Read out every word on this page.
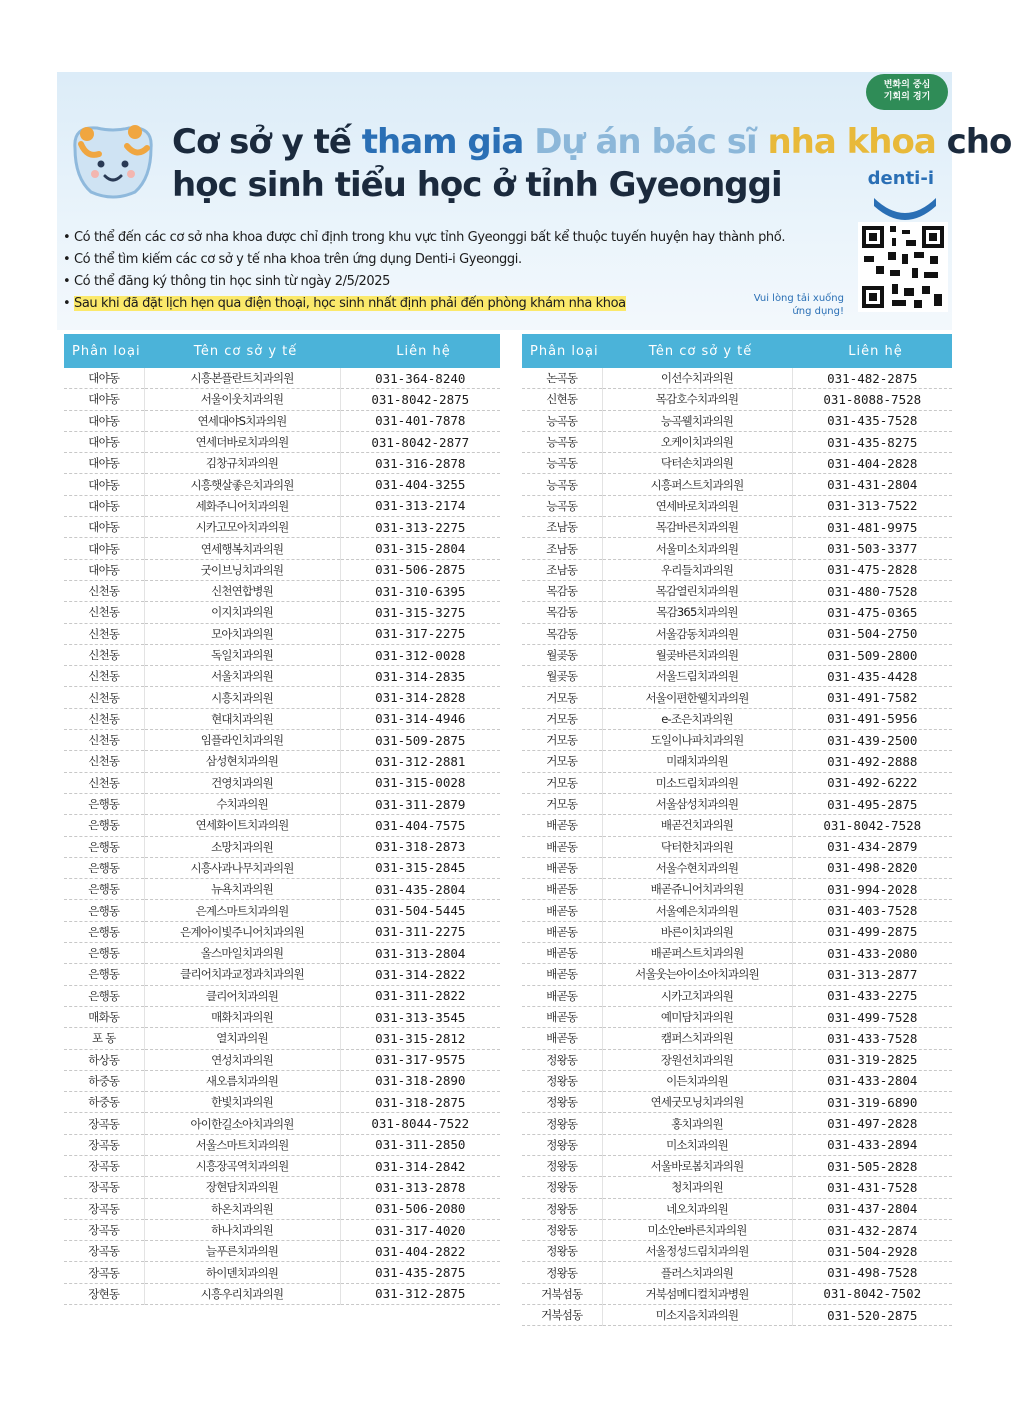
변화의 중심
기회의 경기
Cơ sở y tế tham gia Dự án bác sĩ nha khoa cho
học sinh tiểu học ở tỉnh Gyeonggi	denti-i
• Có thể đến các cơ sở nha khoa được chỉ định trong khu vực tỉnh Gyeonggi bất kể thuộc tuyến huyện hay thành phố.
• Có thể tìm kiếm các cơ sở y tế nha khoa trên ứng dụng Denti-i Gyeonggi.
• Có thể đăng ký thông tin học sinh từ ngày 2/5/2025
• Sau khi đã đặt lịch hẹn qua điện thoại, học sinh nhất định phải đến phòng khám nha khoa	Vui lòng tải xuống ứng dụng!
Phân loại	Tên cơ sở y tế	Liên hệ
대야동	시흥본플란트치과의원	031-364-8240
대야동	서울이웃치과의원	031-8042-2875
대야동	연세대야S치과의원	031-401-7878
대야동	연세더바로치과의원	031-8042-2877
대야동	김창규치과의원	031-316-2878
대야동	시흥햇살좋은치과의원	031-404-3255
대야동	세화주니어치과의원	031-313-2174
대야동	시카고모아치과의원	031-313-2275
대야동	연세행복치과의원	031-315-2804
대야동	굿이브닝치과의원	031-506-2875
신천동	신천연합병원	031-310-6395
신천동	이지치과의원	031-315-3275
신천동	모아치과의원	031-317-2275
신천동	독일치과의원	031-312-0028
신천동	서울치과의원	031-314-2835
신천동	시흥치과의원	031-314-2828
신천동	현대치과의원	031-314-4946
신천동	임플라인치과의원	031-509-2875
신천동	삼성현치과의원	031-312-2881
신천동	건영치과의원	031-315-0028
은행동	수치과의원	031-311-2879
은행동	연세화이트치과의원	031-404-7575
은행동	소망치과의원	031-318-2873
은행동	시흥사과나무치과의원	031-315-2845
은행동	뉴욕치과의원	031-435-2804
은행동	은계스마트치과의원	031-504-5445
은행동	은계아이빛주니어치과의원	031-311-2275
은행동	올스마일치과의원	031-313-2804
은행동	클리어치과교정과치과의원	031-314-2822
은행동	클리어치과의원	031-311-2822
매화동	매화치과의원	031-313-3545
포 동	열치과의원	031-315-2812
하상동	연성치과의원	031-317-9575
하중동	새오름치과의원	031-318-2890
하중동	한빛치과의원	031-318-2875
장곡동	아이한길소아치과의원	031-8044-7522
장곡동	서울스마트치과의원	031-311-2850
장곡동	시흥장곡역치과의원	031-314-2842
장곡동	장현담치과의원	031-313-2878
장곡동	하온치과의원	031-506-2080
장곡동	하나치과의원	031-317-4020
장곡동	늘푸른치과의원	031-404-2822
장곡동	하이덴치과의원	031-435-2875
장현동	시흥우리치과의원	031-312-2875
Phân loại	Tên cơ sở y tế	Liên hệ
논곡동	이선수치과의원	031-482-2875
신현동	목감호수치과의원	031-8088-7528
능곡동	능곡웰치과의원	031-435-7528
능곡동	오케이치과의원	031-435-8275
능곡동	닥터손치과의원	031-404-2828
능곡동	시흥퍼스트치과의원	031-431-2804
능곡동	연세바로치과의원	031-313-7522
조남동	목감바른치과의원	031-481-9975
조남동	서울미소치과의원	031-503-3377
조남동	우리들치과의원	031-475-2828
목감동	목감열린치과의원	031-480-7528
목감동	목감365치과의원	031-475-0365
목감동	서울감동치과의원	031-504-2750
월곶동	월곶바른치과의원	031-509-2800
월곶동	서울드림치과의원	031-435-4428
거모동	서울이편한웰치과의원	031-491-7582
거모동	e-조은치과의원	031-491-5956
거모동	도일이나파치과의원	031-439-2500
거모동	미래치과의원	031-492-2888
거모동	미소드림치과의원	031-492-6222
거모동	서울삼성치과의원	031-495-2875
배곧동	배곧건치과의원	031-8042-7528
배곧동	닥터한치과의원	031-434-2879
배곧동	서울수현치과의원	031-498-2820
배곧동	배곧쥬니어치과의원	031-994-2028
배곧동	서울예은치과의원	031-403-7528
배곧동	바른이치과의원	031-499-2875
배곧동	배곧퍼스트치과의원	031-433-2080
배곧동	서울웃는아이소아치과의원	031-313-2877
배곧동	시카고치과의원	031-433-2275
배곧동	예미담치과의원	031-499-7528
배곧동	캠퍼스치과의원	031-433-7528
정왕동	장원선치과의원	031-319-2825
정왕동	이든치과의원	031-433-2804
정왕동	연세굿모닝치과의원	031-319-6890
정왕동	홍치과의원	031-497-2828
정왕동	미소치과의원	031-433-2894
정왕동	서울바로봄치과의원	031-505-2828
정왕동	청치과의원	031-431-7528
정왕동	네오치과의원	031-437-2804
정왕동	미소안e바른치과의원	031-432-2874
정왕동	서울정성드림치과의원	031-504-2928
정왕동	플러스치과의원	031-498-7528
거북섬동	거북섬메디컬치과병원	031-8042-7502
거북섬동	미소지음치과의원	031-520-2875
